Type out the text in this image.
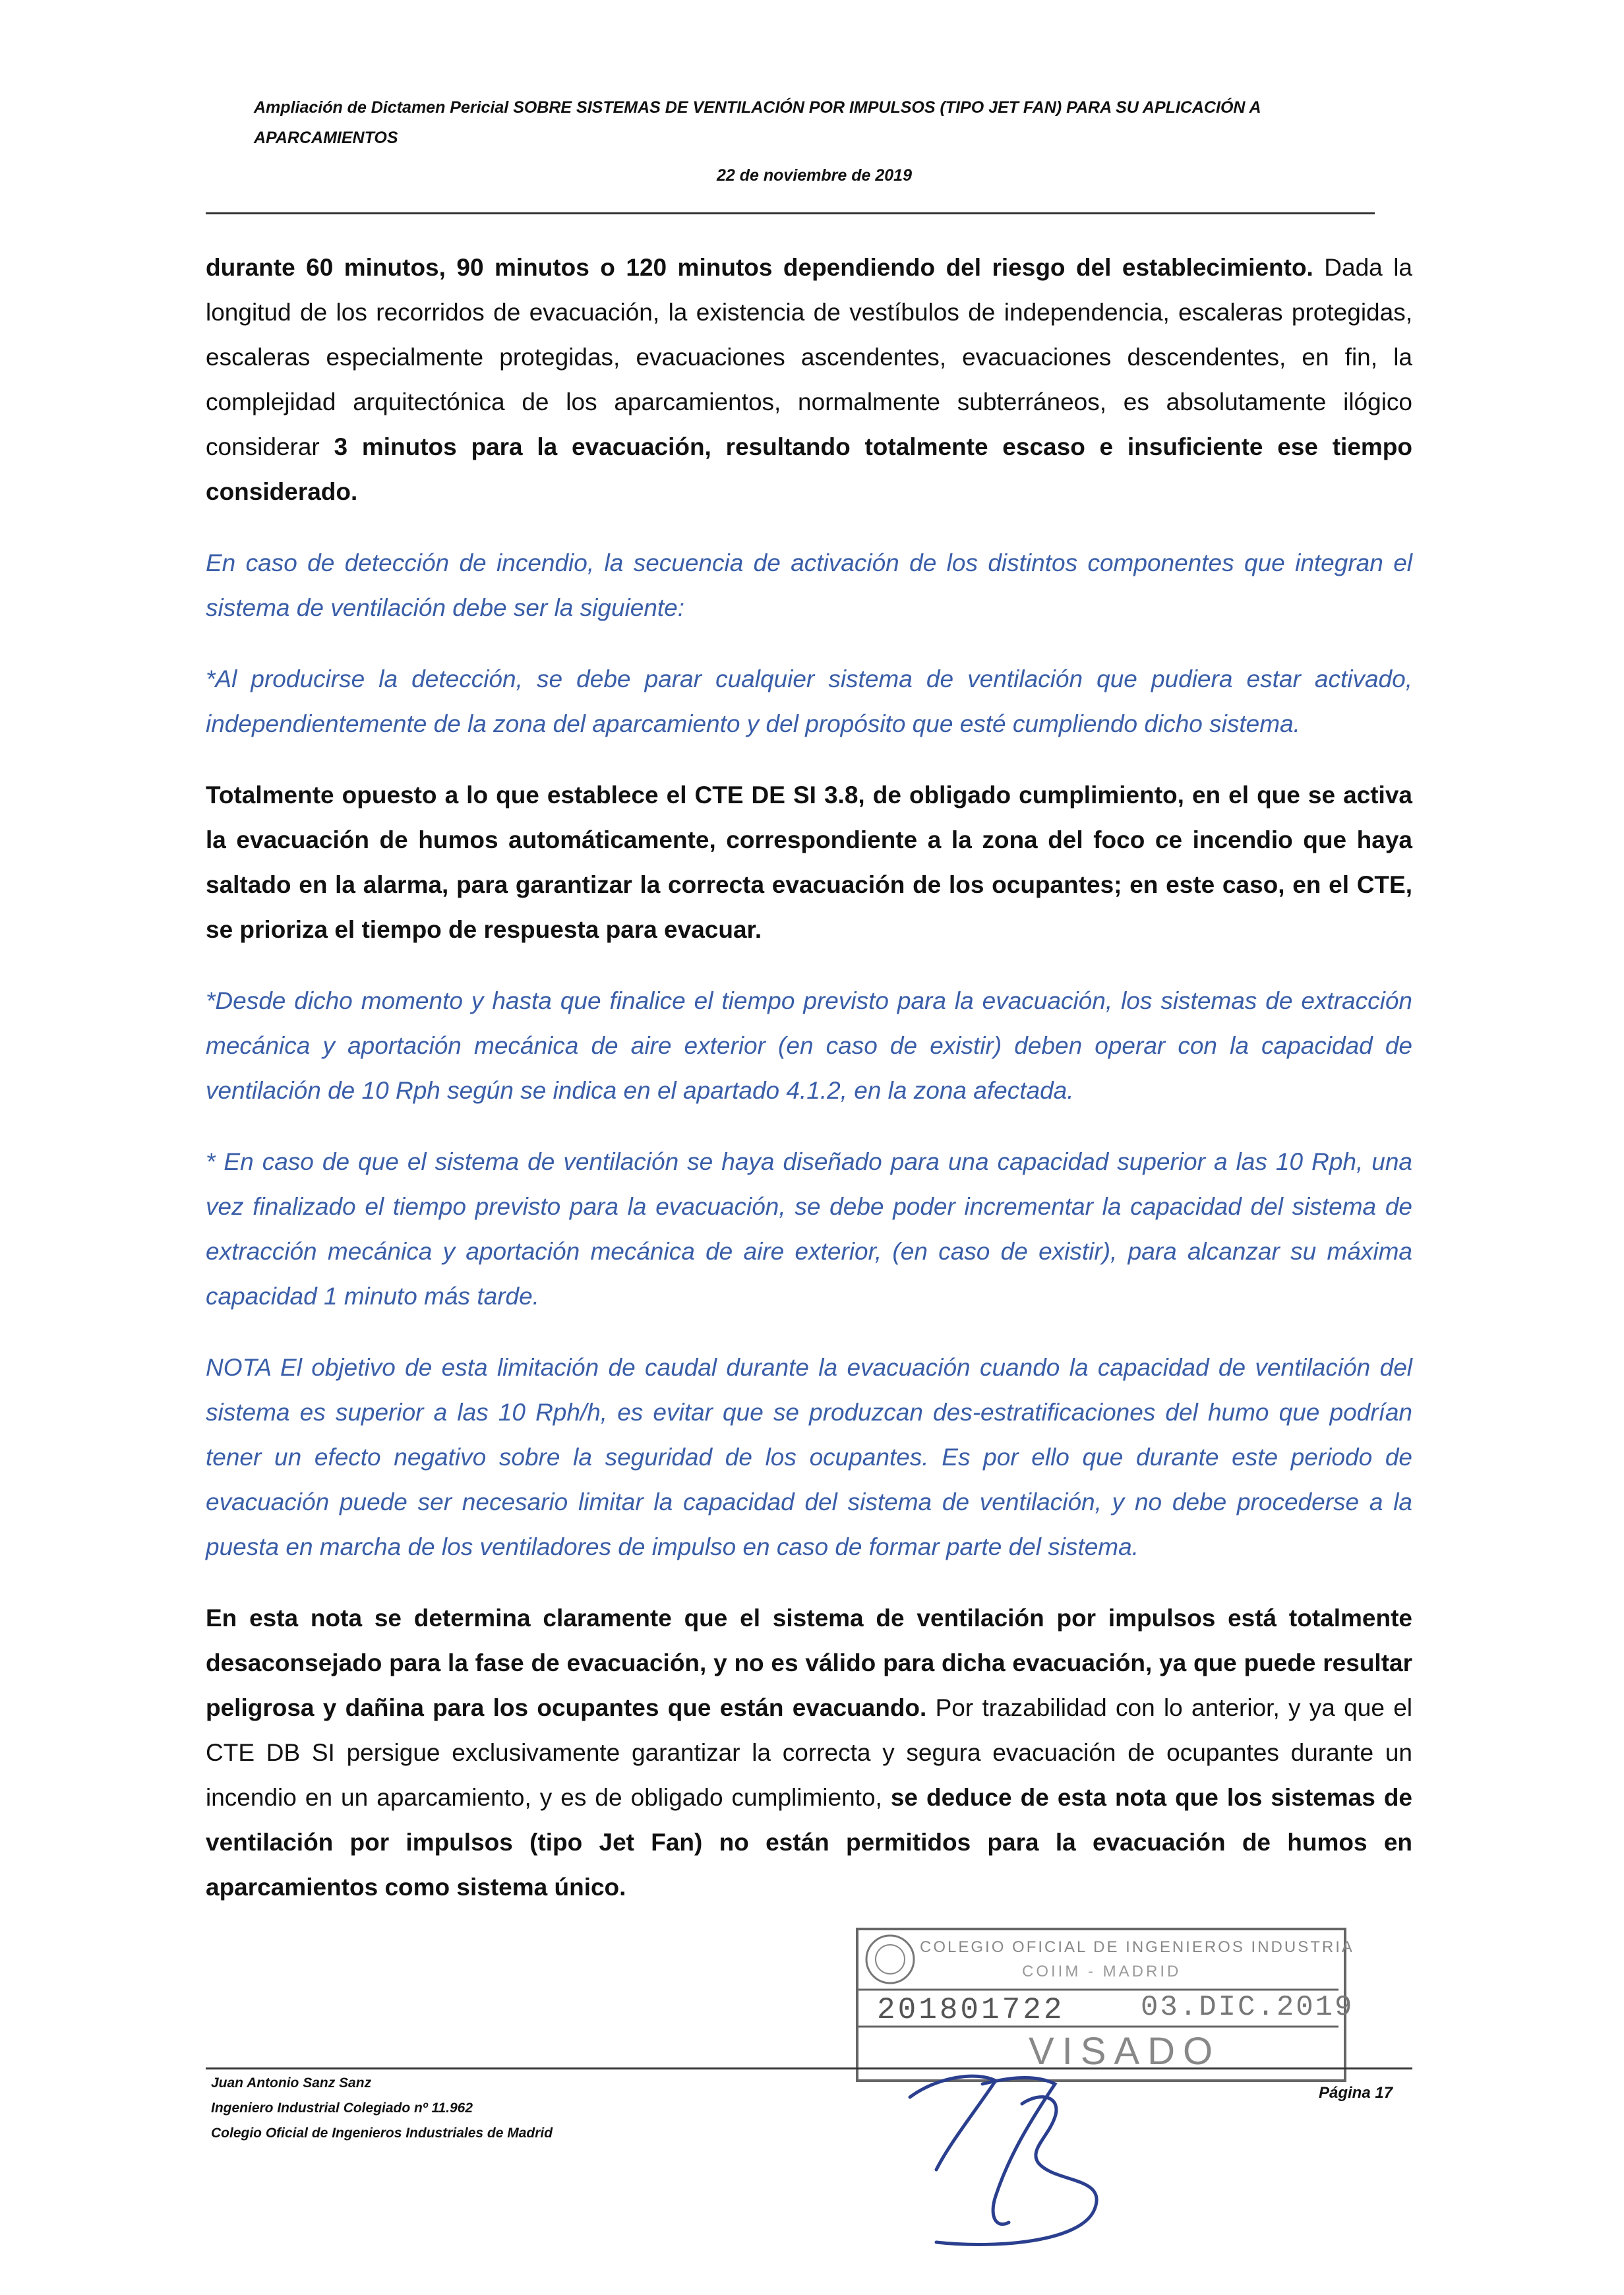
Ampliación de Dictamen Pericial SOBRE SISTEMAS DE VENTILACIÓN POR IMPULSOS (TIPO JET FAN) PARA SU APLICACIÓN A
APARCAMIENTOS

22 de noviembre de 2019

durante 60 minutos, 90 minutos o 120 minutos dependiendo del riesgo del establecimiento. Dada la longitud de los recorridos de evacuación, la existencia de vestíbulos de independencia, escaleras protegidas, escaleras especialmente protegidas, evacuaciones ascendentes, evacuaciones descendentes, en fin, la complejidad arquitectónica de los aparcamientos, normalmente subterráneos, es absolutamente ilógico considerar 3 minutos para la evacuación, resultando totalmente escaso e insuficiente ese tiempo considerado.

En caso de detección de incendio, la secuencia de activación de los distintos componentes que integran el sistema de ventilación debe ser la siguiente:

*Al producirse la detección, se debe parar cualquier sistema de ventilación que pudiera estar activado, independientemente de la zona del aparcamiento y del propósito que esté cumpliendo dicho sistema.

Totalmente opuesto a lo que establece el CTE DE SI 3.8, de obligado cumplimiento, en el que se activa la evacuación de humos automáticamente, correspondiente a la zona del foco ce incendio que haya saltado en la alarma, para garantizar la correcta evacuación de los ocupantes; en este caso, en el CTE, se prioriza el tiempo de respuesta para evacuar.

*Desde dicho momento y hasta que finalice el tiempo previsto para la evacuación, los sistemas de extracción mecánica y aportación mecánica de aire exterior (en caso de existir) deben operar con la capacidad de ventilación de 10 Rph según se indica en el apartado 4.1.2, en la zona afectada.

* En caso de que el sistema de ventilación se haya diseñado para una capacidad superior a las 10 Rph, una vez finalizado el tiempo previsto para la evacuación, se debe poder incrementar la capacidad del sistema de extracción mecánica y aportación mecánica de aire exterior, (en caso de existir), para alcanzar su máxima capacidad 1 minuto más tarde.

NOTA El objetivo de esta limitación de caudal durante la evacuación cuando la capacidad de ventilación del sistema es superior a las 10 Rph/h, es evitar que se produzcan des-estratificaciones del humo que podrían tener un efecto negativo sobre la seguridad de los ocupantes. Es por ello que durante este periodo de evacuación puede ser necesario limitar la capacidad del sistema de ventilación, y no debe procederse a la puesta en marcha de los ventiladores de impulso en caso de formar parte del sistema.

En esta nota se determina claramente que el sistema de ventilación por impulsos está totalmente desaconsejado para la fase de evacuación, y no es válido para dicha evacuación, ya que puede resultar peligrosa y dañina para los ocupantes que están evacuando. Por trazabilidad con lo anterior, y ya que el CTE DB SI persigue exclusivamente garantizar la correcta y segura evacuación de ocupantes durante un incendio en un aparcamiento, y es de obligado cumplimiento, se deduce de esta nota que los sistemas de ventilación por impulsos (tipo Jet Fan) no están permitidos para la evacuación de humos en aparcamientos como sistema único.

COLEGIO OFICIAL DE INGENIEROS INDUSTRIALES
COIIM - MADRID
201801722	03.DIC.2019
VISADO
Juan Antonio Sanz Sanz
Ingeniero Industrial Colegiado nº 11.962
Colegio Oficial de Ingenieros Industriales de Madrid
Página 17
